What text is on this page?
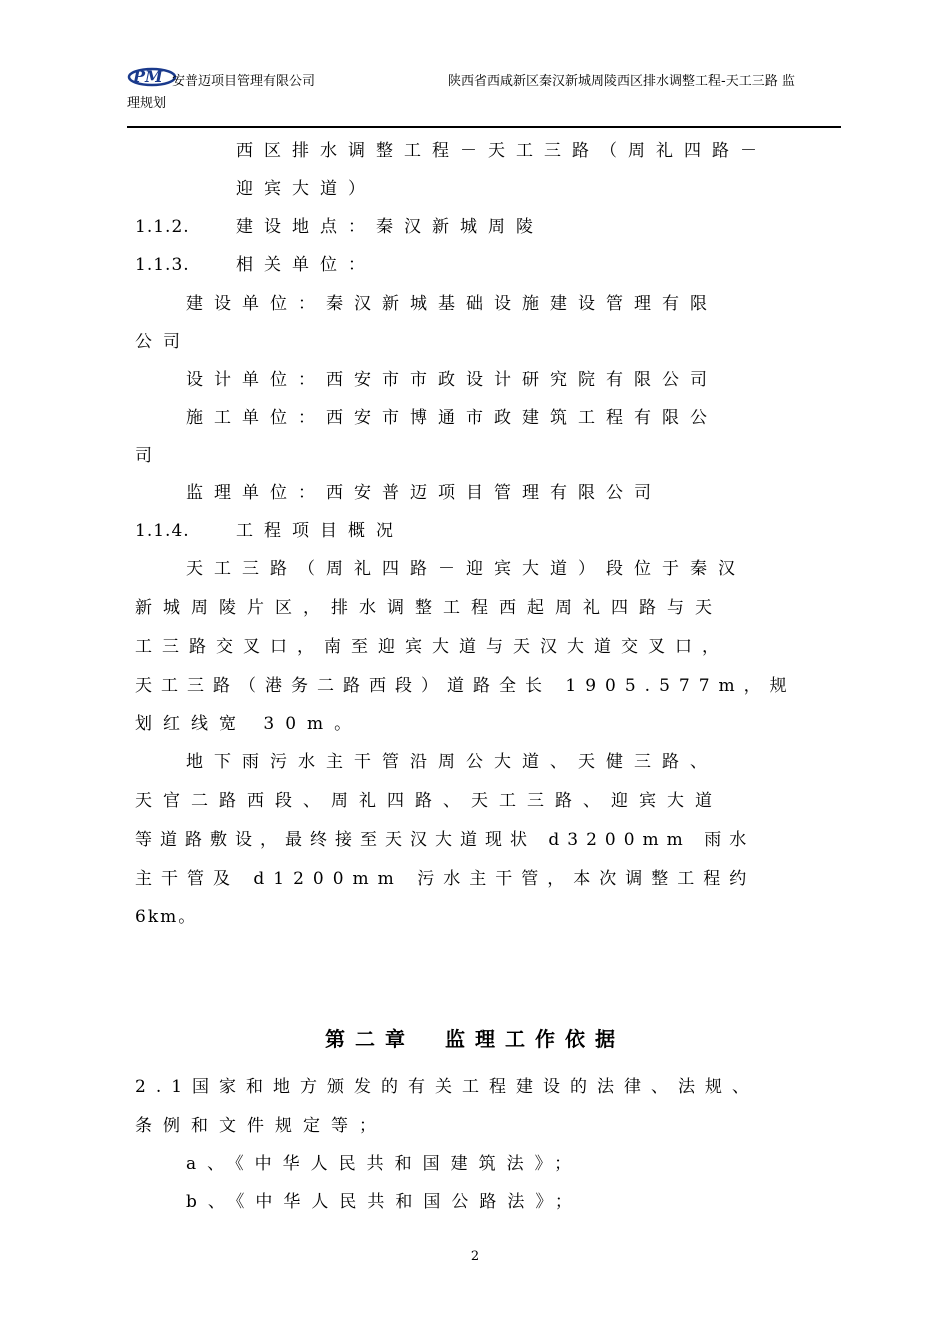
PM 安普迈项目管理有限公司	陕西省西咸新区秦汉新城周陵西区排水调整工程-天工三路 监
理规划
西区排水调整工程－天工三路（周礼四路－
迎宾大道）
1.1.2.	建设地点：秦汉新城周陵
1.1.3.	相关单位：
建设单位：秦汉新城基础设施建设管理有限
公司
设计单位：西安市市政设计研究院有限公司
施工单位：西安市博通市政建筑工程有限公
司
监理单位：西安普迈项目管理有限公司
1.1.4.	工程项目概况
天工三路（周礼四路－迎宾大道）段位于秦汉
新城周陵片区，排水调整工程西起周礼四路与天
工三路交叉口，南至迎宾大道与天汉大道交叉口，
天工三路（港务二路西段）道路全长 1905.577m，规
划红线宽 30m。
地下雨污水主干管沿周公大道、天健三路、
天官二路西段、周礼四路、天工三路、迎宾大道
等道路敷设，最终接至天汉大道现状 d3200mm 雨水
主干管及 d1200mm 污水主干管，本次调整工程约
6km。
第二章　监理工作依据
2.1国家和地方颁发的有关工程建设的法律、法规、
条例和文件规定等；
a、《中华人民共和国建筑法》；
b、《中华人民共和国公路法》；
2
